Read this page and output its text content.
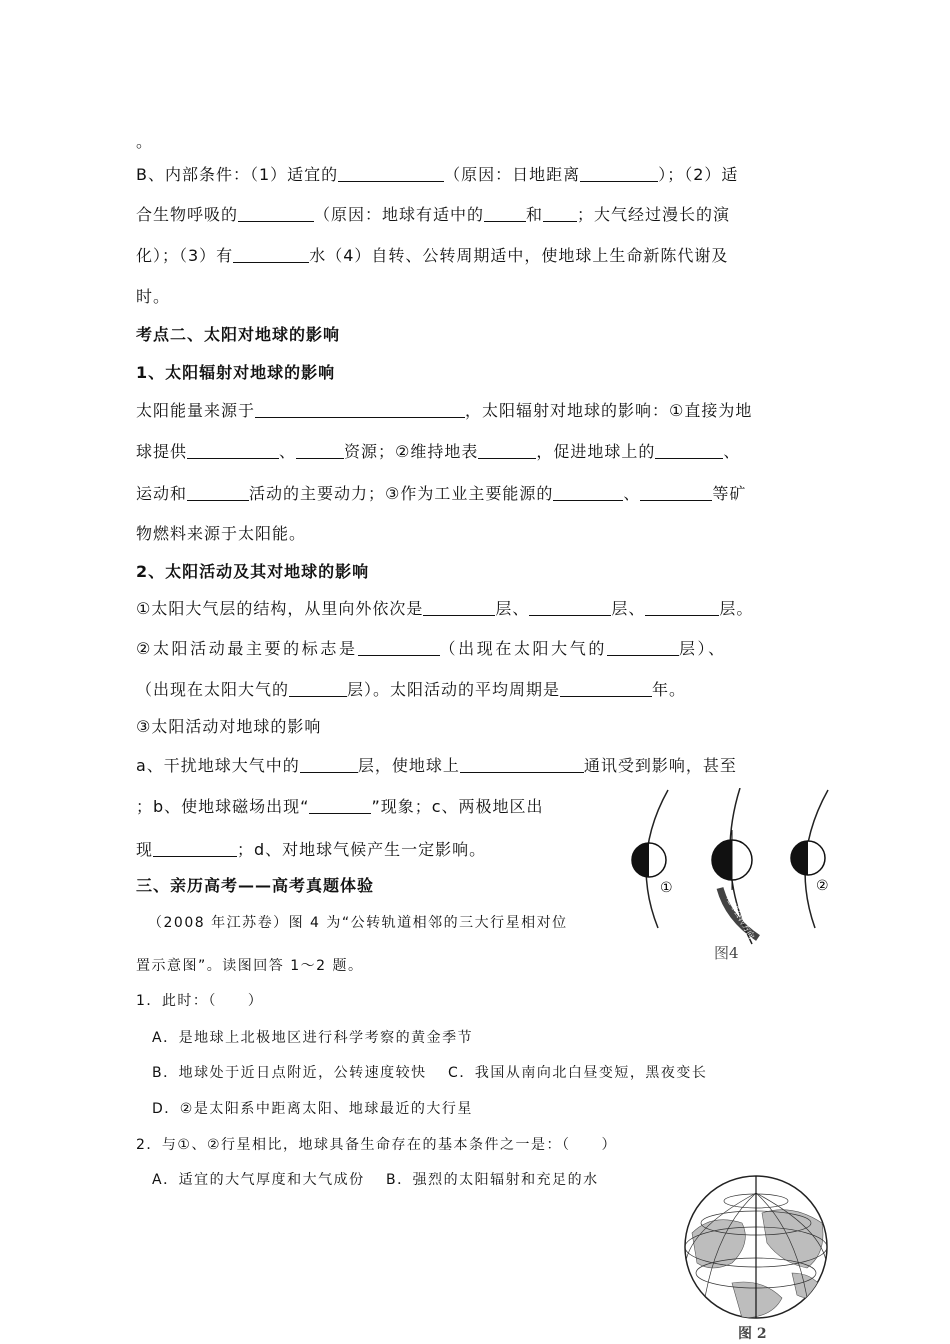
。
B、内部条件：（1）适宜的	（原因：日地距离	）；（2）适
合生物呼吸的	（原因：地球有适中的	和 ；大气经过漫长的演
化）；（3）有	水（4）自转、公转周期适中，使地球上生命新陈代谢及
时。
考点二、太阳对地球的影响
1、太阳辐射对地球的影响
太阳能量来源于	，太阳辐射对地球的影响：①直接为地
球提供	、	资源；②维持地表	，促进地球上的	、
运动和	活动的主要动力；③作为工业主要能源的	、	等矿
物燃料来源于太阳能。
2、太阳活动及其对地球的影响
①太阳大气层的结构，从里向外依次是	层、	层、	层。
②太阳活动最主要的标志是	（出现在太阳大气的	层）、
（出现在太阳大气的	层）。太阳活动的平均周期是	年。
③太阳活动对地球的影响
a、干扰地球大气中的	层，使地球上	通讯受到影响，甚至
；b、使地球磁场出现“	”现象；c、两极地区出
现	；d、对地球气候产生一定影响。
三、亲历高考——高考真题体验
（2008 年江苏卷）图 4 为“公转轨道相邻的三大行星相对位
置示意图”。读图回答 1～2 题。
1．此时：（　　）
A．是地球上北极地区进行科学考察的黄金季节
B．地球处于近日点附近，公转速度较快　 C．我国从南向北白昼变短，黑夜变长
D．②是太阳系中距离太阳、地球最近的大行星
2．与①、②行星相比，地球具备生命存在的基本条件之一是：（　　）
A．适宜的大气厚度和大气成份　 B．强烈的太阳辐射和充足的水
地球公转方向
①	②
图4
图 2
